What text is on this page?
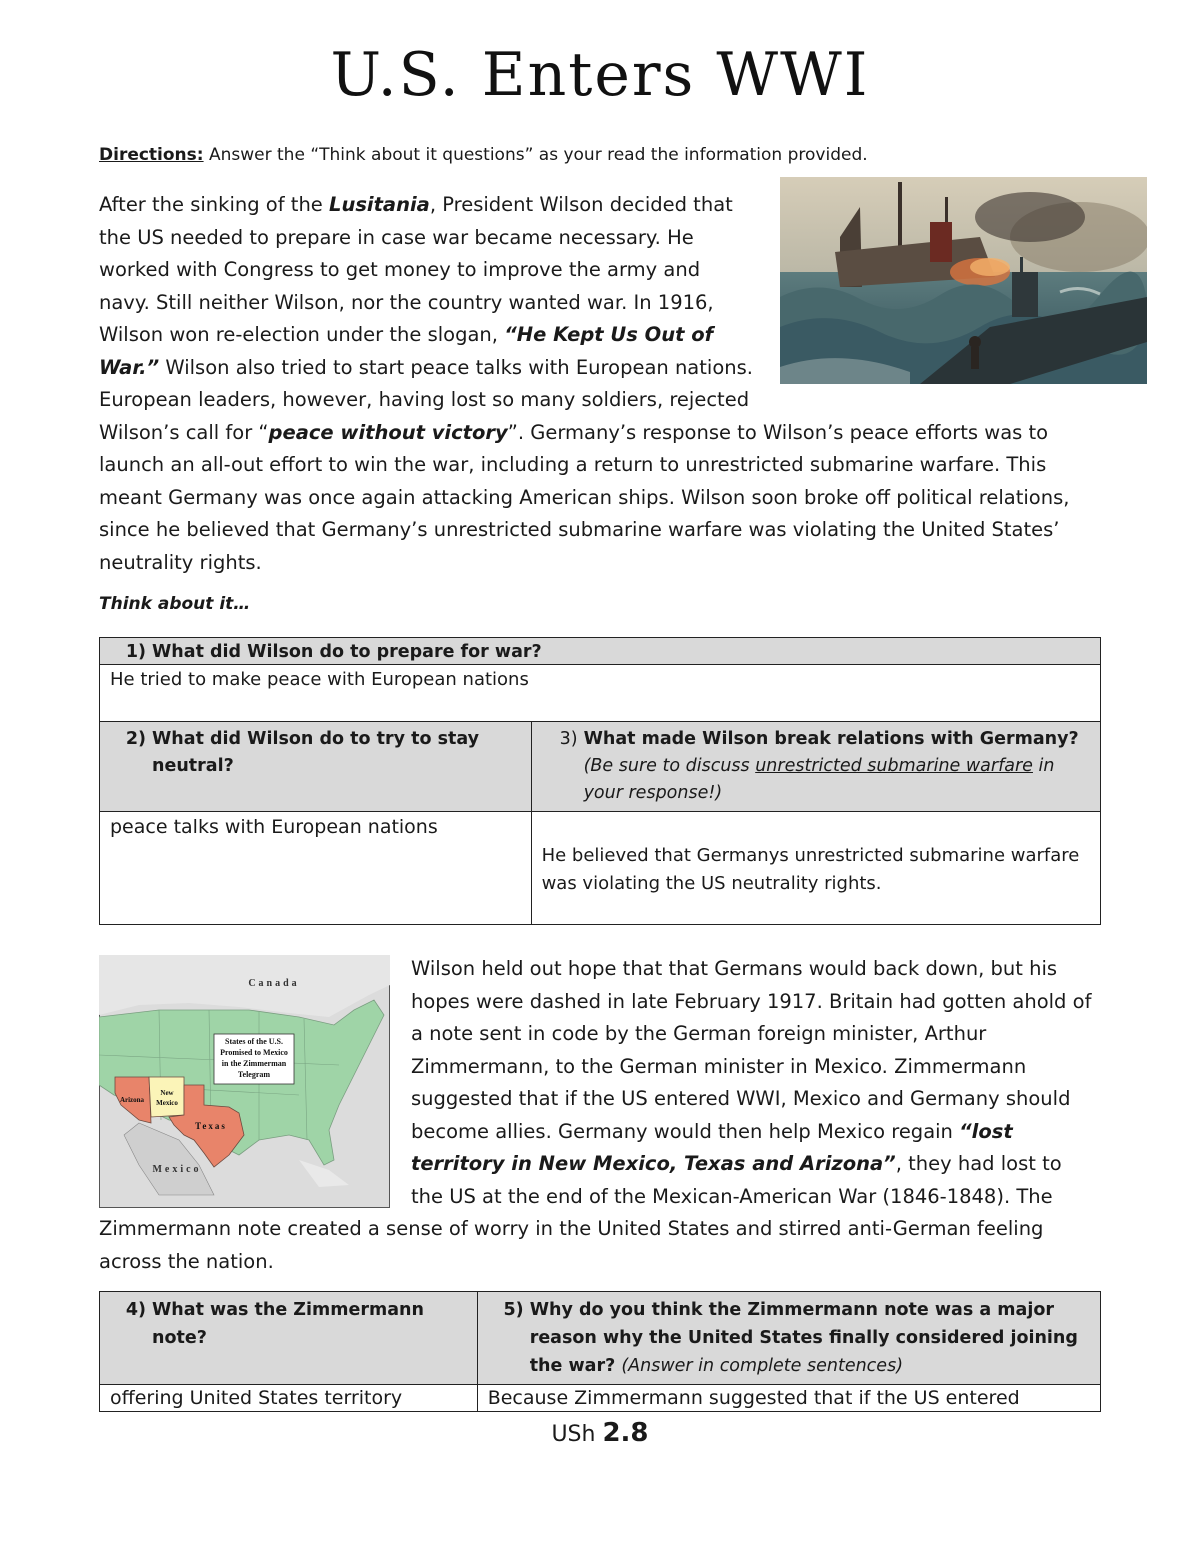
U.S. Enters WWI
Directions: Answer the “Think about it questions” as your read the information provided.
After the sinking of the Lusitania, President Wilson decided that the US needed to prepare in case war became necessary. He worked with Congress to get money to improve the army and navy. Still neither Wilson, nor the country wanted war. In 1916, Wilson won re-election under the slogan, “He Kept Us Out of War.” Wilson also tried to start peace talks with European nations. European leaders, however, having lost so many soldiers, rejected Wilson’s call for “peace without victory”. Germany’s response to Wilson’s peace efforts was to launch an all-out effort to win the war, including a return to unrestricted submarine warfare. This meant Germany was once again attacking American ships. Wilson soon broke off political relations, since he believed that Germany’s unrestricted submarine warfare was violating the United States’ neutrality rights.
Think about it…
1) What did Wilson do to prepare for war?	
He tried to make peace with European nations	

2) What did Wilson do to try to stay neutral?	3) What made Wilson break relations with Germany?
(Be sure to discuss unrestricted submarine warfare in your response!)

peace talks with European nations	He believed that Germanys unrestricted submarine warfare was violating the US neutrality rights.
Wilson held out hope that that Germans would back down, but his hopes were dashed in late February 1917. Britain had gotten ahold of a note sent in code by the German foreign minister, Arthur Zimmermann, to the German minister in Mexico. Zimmermann suggested that if the US entered WWI, Mexico and Germany should become allies. Germany would then help Mexico regain “lost territory in New Mexico, Texas and Arizona”, they had lost to the US at the end of the Mexican-American War (1846-1848). The Zimmermann note created a sense of worry in the United States and stirred anti-German feeling across the nation.
States of the U.S.
Promised to Mexico
in the Zimmerman
Telegram
Canada
Mexico
Arizona
New
Mexico
Texas
4) What was the Zimmermann note?	5) Why do you think the Zimmermann note was a major reason why the United States finally considered joining the war? (Answer in complete sentences)

offering United States territory	Because Zimmermann suggested that if the US entered
USh 2.8
